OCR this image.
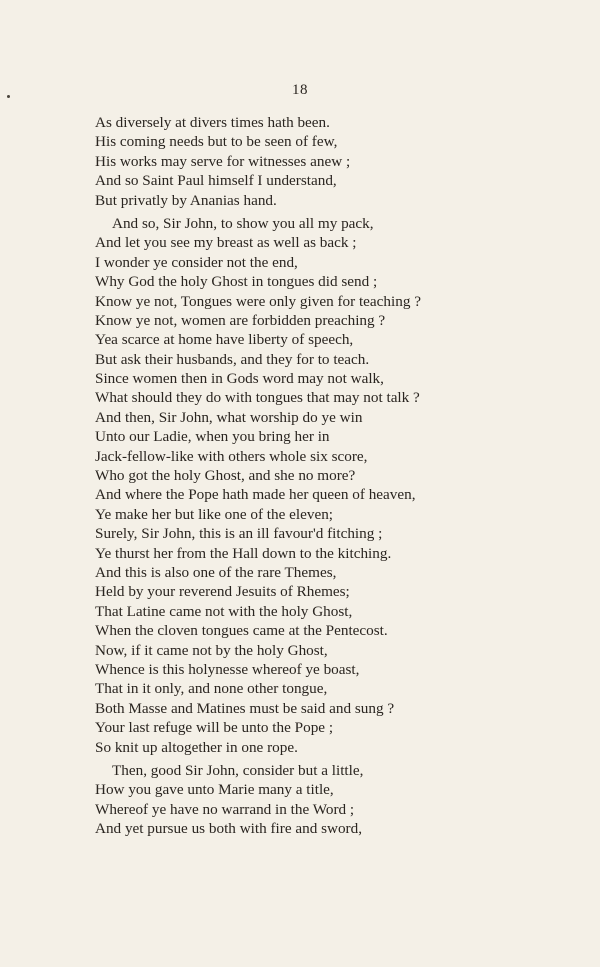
18
As diversely at divers times hath been.
His coming needs but to be seen of few,
His works may serve for witnesses anew ;
And so Saint Paul himself I understand,
But privatly by Ananias hand.
And so, Sir John, to show you all my pack,
And let you see my breast as well as back ;
I wonder ye consider not the end,
Why God the holy Ghost in tongues did send ;
Know ye not, Tongues were only given for teaching ?
Know ye not, women are forbidden preaching ?
Yea scarce at home have liberty of speech,
But ask their husbands, and they for to teach.
Since women then in Gods word may not walk,
What should they do with tongues that may not talk ?
And then, Sir John, what worship do ye win
Unto our Ladie, when you bring her in
Jack-fellow-like with others whole six score,
Who got the holy Ghost, and she no more?
And where the Pope hath made her queen of heaven,
Ye make her but like one of the eleven;
Surely, Sir John, this is an ill favour'd fitching ;
Ye thurst her from the Hall down to the kitching.
And this is also one of the rare Themes,
Held by your reverend Jesuits of Rhemes;
That Latine came not with the holy Ghost,
When the cloven tongues came at the Pentecost.
Now, if it came not by the holy Ghost,
Whence is this holynesse whereof ye boast,
That in it only, and none other tongue,
Both Masse and Matines must be said and sung ?
Your last refuge will be unto the Pope ;
So knit up altogether in one rope.
Then, good Sir John, consider but a little,
How you gave unto Marie many a title,
Whereof ye have no warrand in the Word ;
And yet pursue us both with fire and sword,
